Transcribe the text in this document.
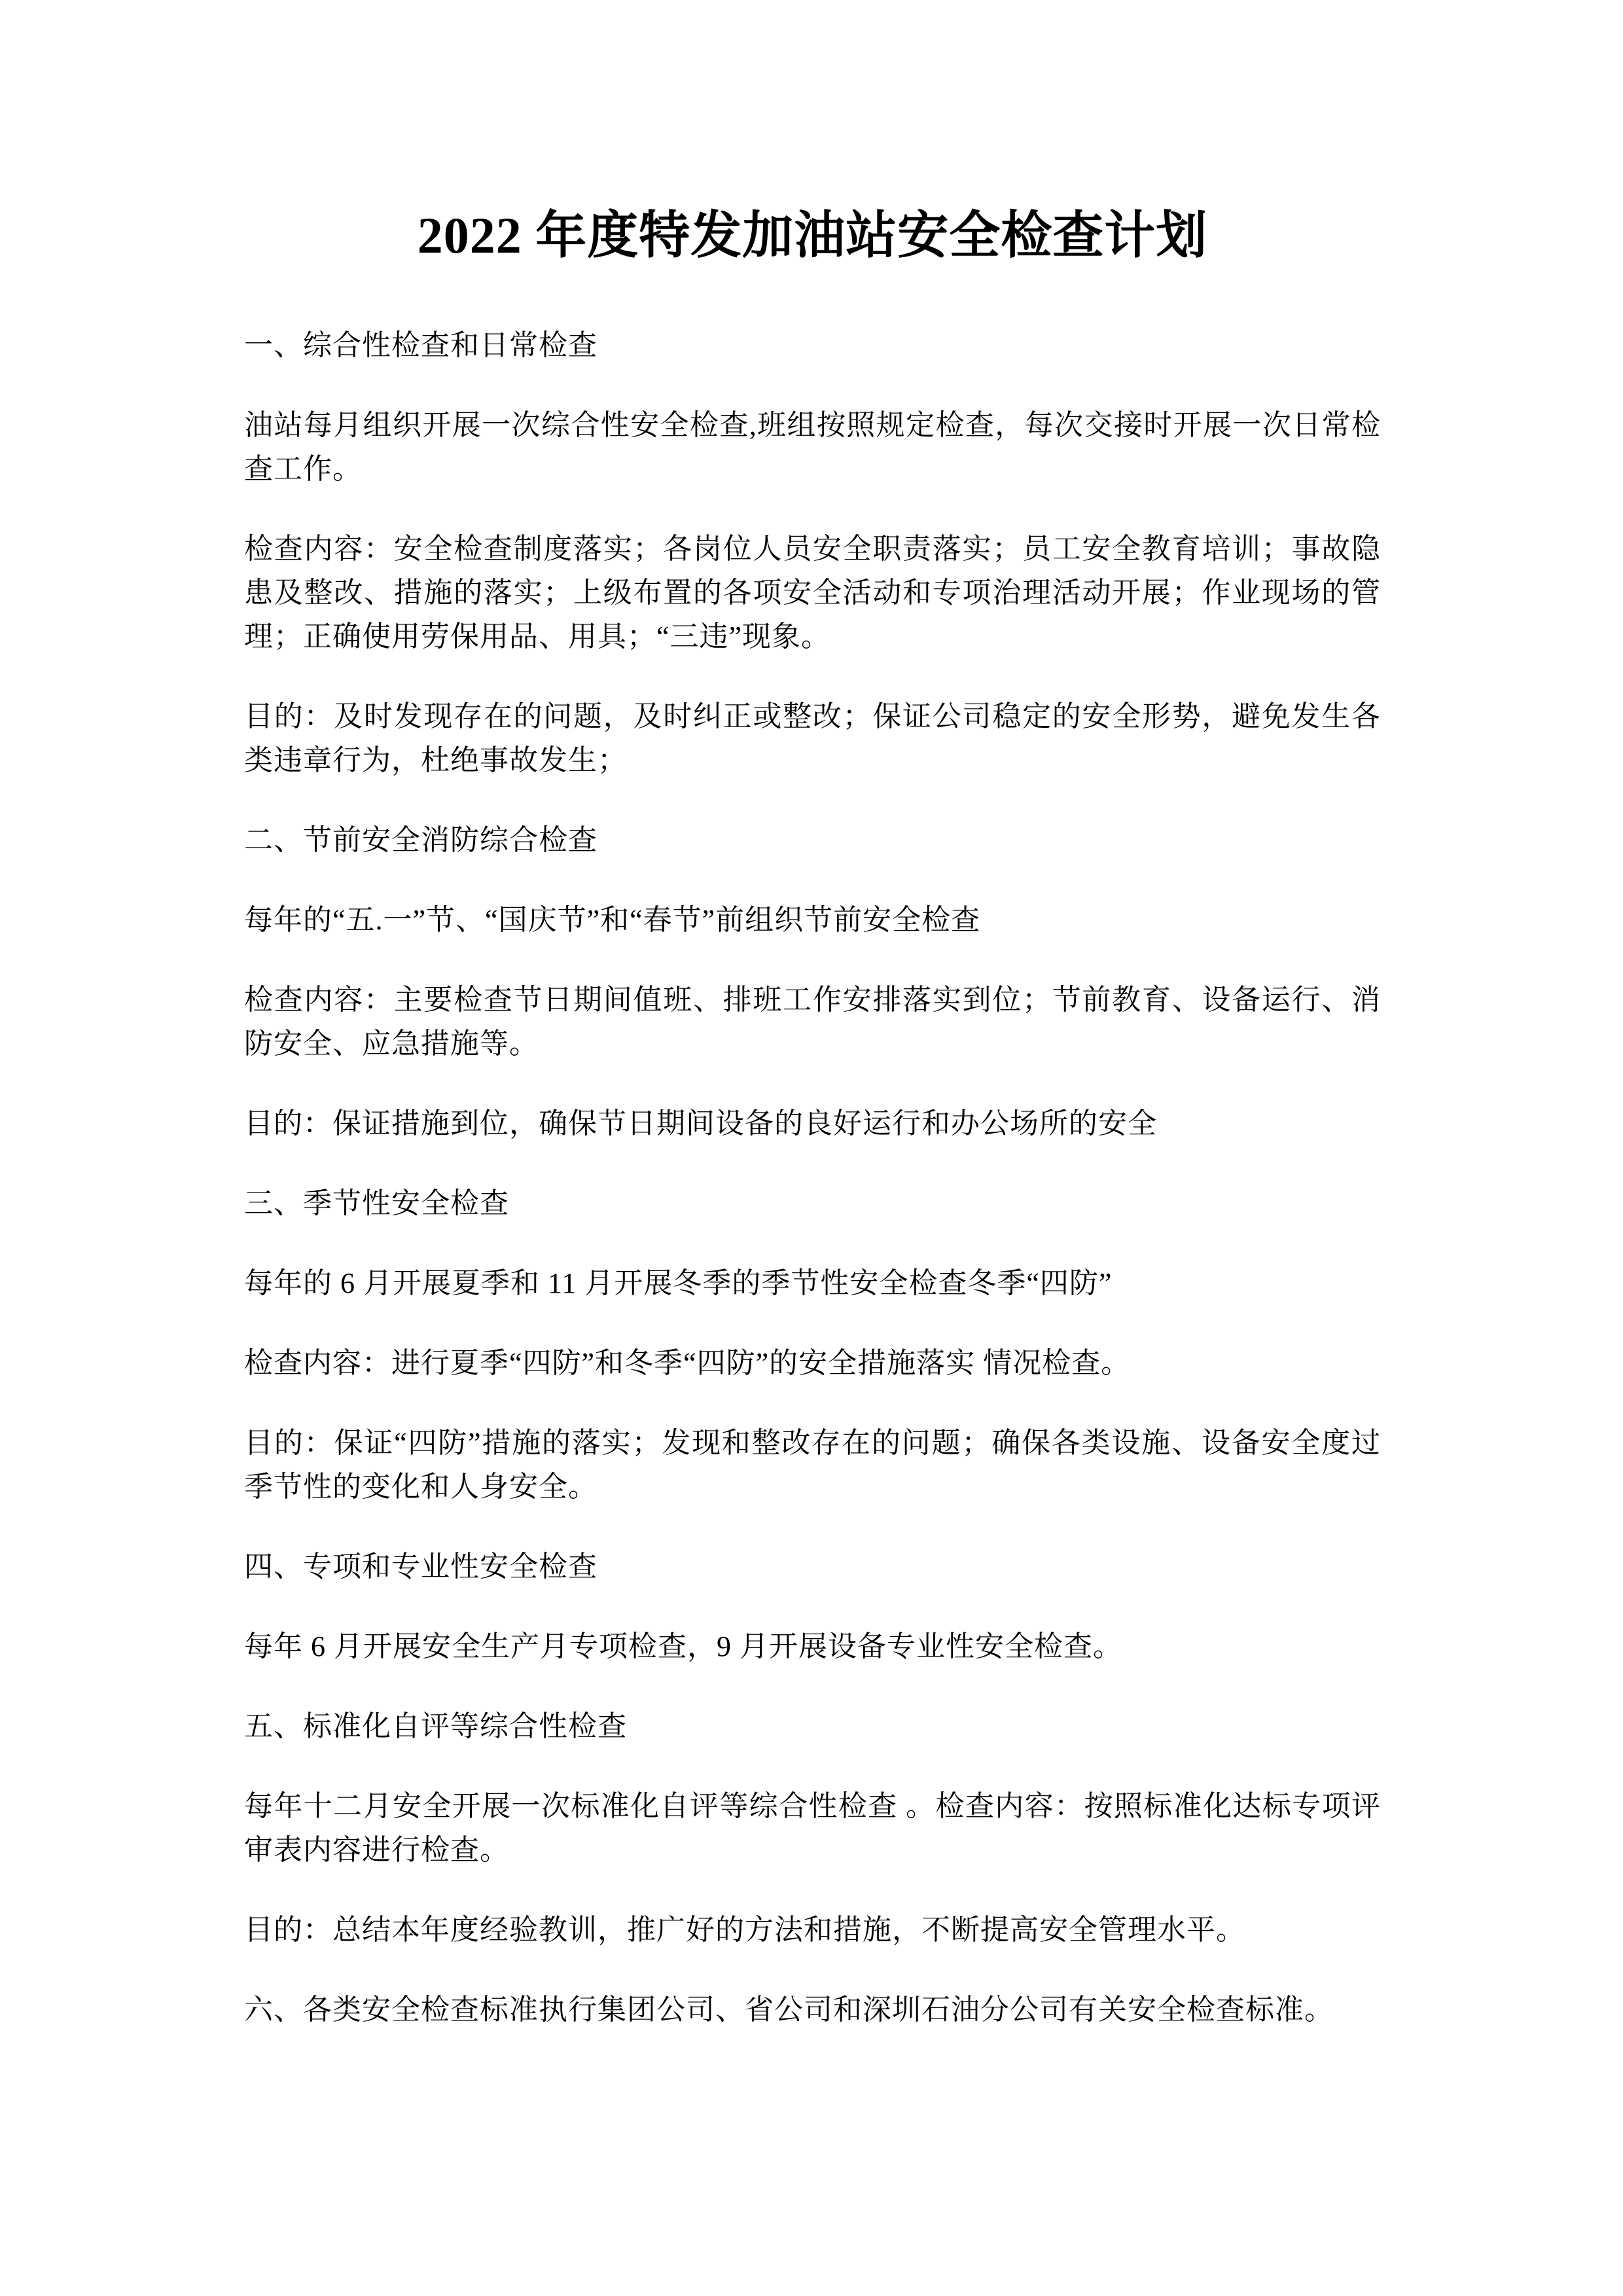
2022 年度特发加油站安全检查计划

一、综合性检查和日常检查

油站每月组织开展一次综合性安全检查,班组按照规定检查，每次交接时开展一次日常检查工作。

检查内容：安全检查制度落实；各岗位人员安全职责落实；员工安全教育培训；事故隐患及整改、措施的落实；上级布置的各项安全活动和专项治理活动开展；作业现场的管理；正确使用劳保用品、用具；“三违”现象。

目的：及时发现存在的问题，及时纠正或整改；保证公司稳定的安全形势，避免发生各类违章行为，杜绝事故发生；

二、节前安全消防综合检查

每年的“五.一”节、“国庆节”和“春节”前组织节前安全检查

检查内容：主要检查节日期间值班、排班工作安排落实到位；节前教育、设备运行、消防安全、应急措施等。

目的：保证措施到位，确保节日期间设备的良好运行和办公场所的安全

三、季节性安全检查

每年的 6 月开展夏季和 11 月开展冬季的季节性安全检查冬季“四防”

检查内容：进行夏季“四防”和冬季“四防”的安全措施落实 情况检查。

目的：保证“四防”措施的落实；发现和整改存在的问题；确保各类设施、设备安全度过季节性的变化和人身安全。

四、专项和专业性安全检查

每年 6 月开展安全生产月专项检查，9 月开展设备专业性安全检查。

五、标准化自评等综合性检查

每年十二月安全开展一次标准化自评等综合性检查 。检查内容：按照标准化达标专项评审表内容进行检查。

目的：总结本年度经验教训，推广好的方法和措施，不断提高安全管理水平。

六、各类安全检查标准执行集团公司、省公司和深圳石油分公司有关安全检查标准。
